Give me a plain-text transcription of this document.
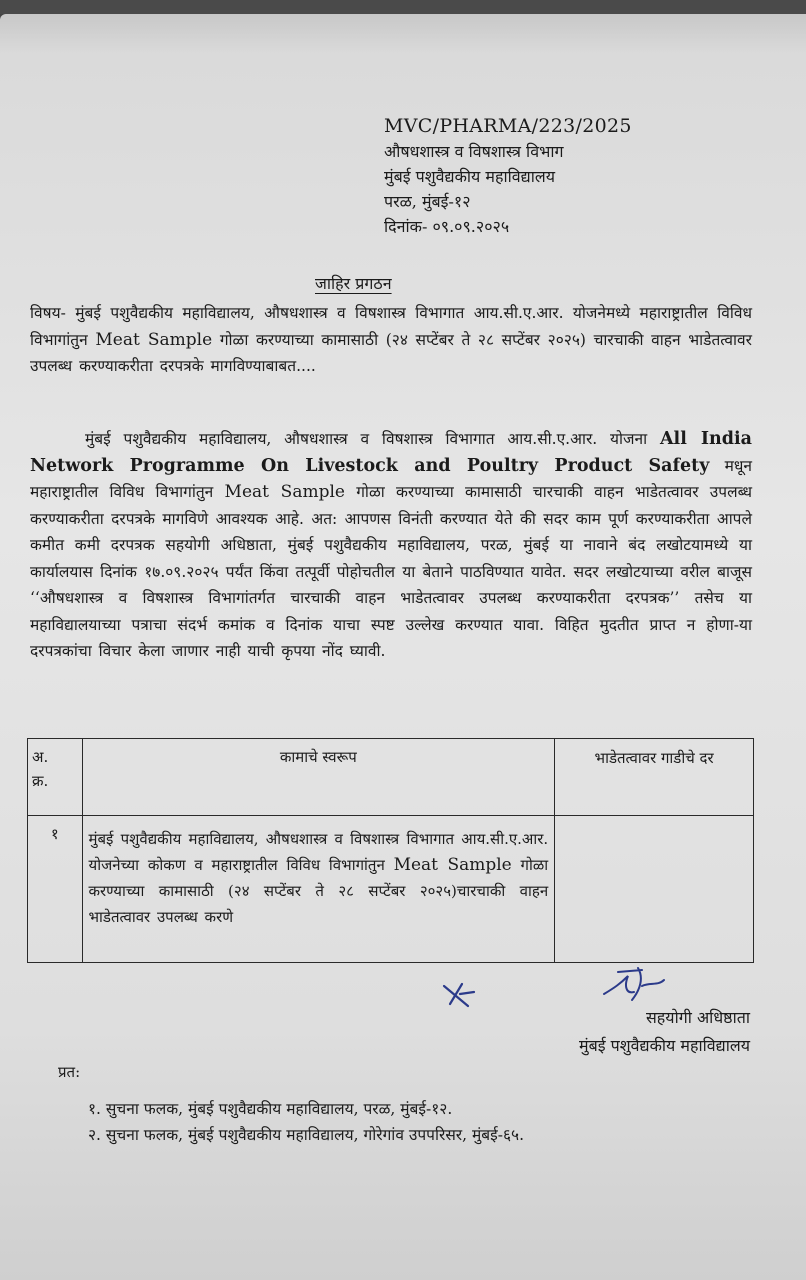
MVC/PHARMA/223/2025
औषधशास्त्र व विषशास्त्र विभाग
मुंबई पशुवैद्यकीय महाविद्यालय
परळ, मुंबई-१२
दिनांक- ०९.०९.२०२५
जाहिर प्रगठन
विषय- मुंबई पशुवैद्यकीय महाविद्यालय, औषधशास्त्र व विषशास्त्र विभागात आय.सी.ए.आर. योजनेमध्ये महाराष्ट्रातील विविध विभागांतुन Meat Sample गोळा करण्याच्या कामासाठी (२४ सप्टेंबर ते २८ सप्टेंबर २०२५) चारचाकी वाहन भाडेतत्वावर उपलब्ध करण्याकरीता दरपत्रके मागविण्याबाबत....
मुंबई पशुवैद्यकीय महाविद्यालय, औषधशास्त्र व विषशास्त्र विभागात आय.सी.ए.आर. योजना All India Network Programme On Livestock and Poultry Product Safety मधून महाराष्ट्रातील विविध विभागांतुन Meat Sample गोळा करण्याच्या कामासाठी चारचाकी वाहन भाडेतत्वावर उपलब्ध करण्याकरीता दरपत्रके मागविणे आवश्यक आहे. अत: आपणस विनंती करण्यात येते की सदर काम पूर्ण करण्याकरीता आपले कमीत कमी दरपत्रक सहयोगी अधिष्ठाता, मुंबई पशुवैद्यकीय महाविद्यालय, परळ, मुंबई या नावाने बंद लखोटयामध्ये या कार्यालयास दिनांक १७.०९.२०२५ पर्यंत किंवा तत्पूर्वी पोहोचतील या बेताने पाठविण्यात यावेत. सदर लखोटयाच्या वरील बाजूस ‘‘औषधशास्त्र व विषशास्त्र विभागांतर्गत चारचाकी वाहन भाडेतत्वावर उपलब्ध करण्याकरीता दरपत्रक’’ तसेच या महाविद्यालयाच्या पत्राचा संदर्भ कमांक व दिनांक याचा स्पष्ट उल्लेख करण्यात यावा. विहित मुदतीत प्राप्त न होणा-या दरपत्रकांचा विचार केला जाणार नाही याची कृपया नोंद घ्यावी.
अ.
क्र.	कामाचे स्वरूप	भाडेतत्वावर गाडीचे दर
१	मुंबई पशुवैद्यकीय महाविद्यालय, औषधशास्त्र व विषशास्त्र विभागात आय.सी.ए.आर. योजनेच्या कोकण व महाराष्ट्रातील विविध विभागांतुन Meat Sample गोळा करण्याच्या कामासाठी (२४ सप्टेंबर ते २८ सप्टेंबर २०२५)चारचाकी वाहन भाडेतत्वावर उपलब्ध करणे	
सहयोगी अधिष्ठाता
मुंबई पशुवैद्यकीय महाविद्यालय
प्रत:
१. सुचना फलक, मुंबई पशुवैद्यकीय महाविद्यालय, परळ, मुंबई-१२.
२. सुचना फलक, मुंबई पशुवैद्यकीय महाविद्यालय, गोरेगांव उपपरिसर, मुंबई-६५.
